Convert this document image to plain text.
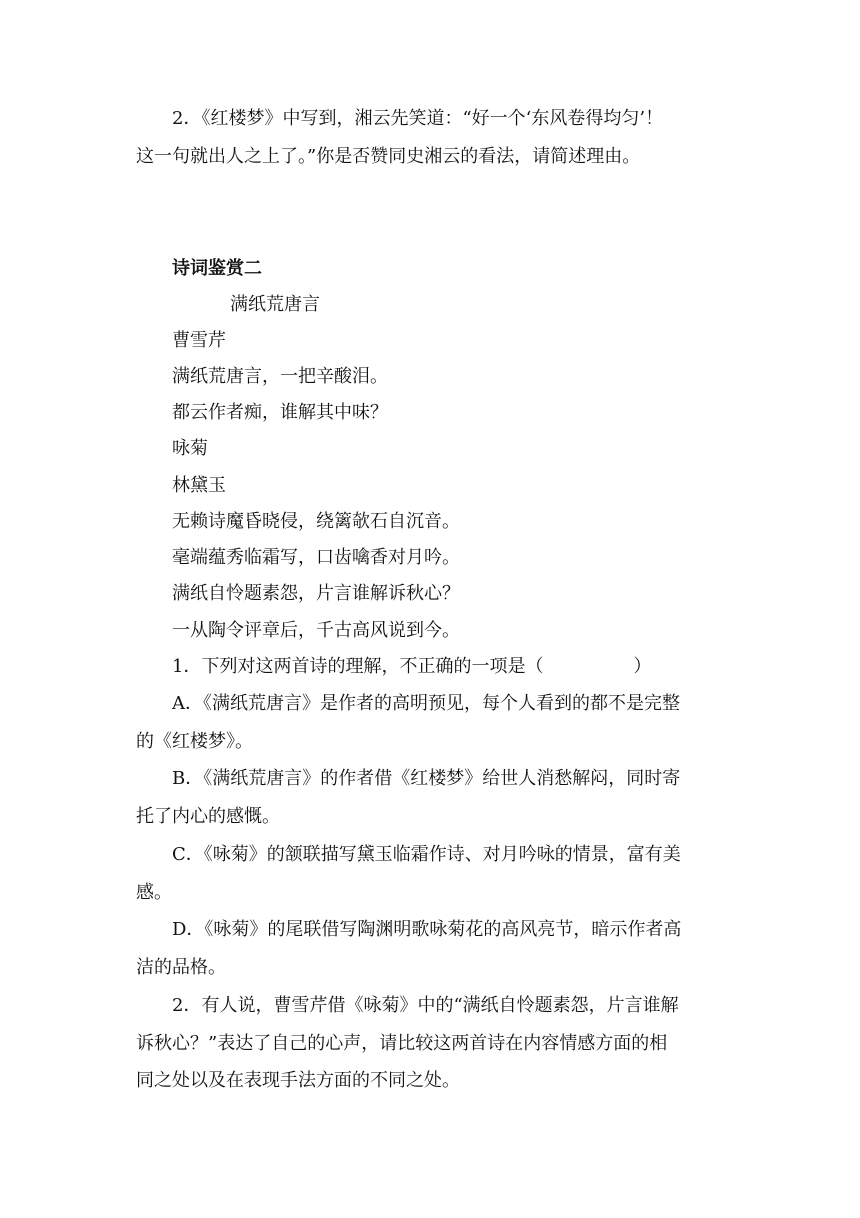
2．《红楼梦》中写到，湘云先笑道：“好一个‘东风卷得均匀’！
这一句就出人之上了。”你是否赞同史湘云的看法，请简述理由。
诗词鉴赏二
满纸荒唐言
曹雪芹
满纸荒唐言，一把辛酸泪。
都云作者痴，谁解其中味？
咏菊
林黛玉
无赖诗魔昏晓侵，绕篱欹石自沉音。
毫端蕴秀临霜写，口齿噙香对月吟。
满纸自怜题素怨，片言谁解诉秋心？
一从陶令评章后，千古高风说到今。
1．下列对这两首诗的理解，不正确的一项是（　　　　　）
A．《满纸荒唐言》是作者的高明预见，每个人看到的都不是完整
的《红楼梦》。
B．《满纸荒唐言》的作者借《红楼梦》给世人消愁解闷，同时寄
托了内心的感慨。
C．《咏菊》的颔联描写黛玉临霜作诗、对月吟咏的情景，富有美
感。
D．《咏菊》的尾联借写陶渊明歌咏菊花的高风亮节，暗示作者高
洁的品格。
2．有人说，曹雪芹借《咏菊》中的“满纸自怜题素怨，片言谁解
诉秋心？”表达了自己的心声，请比较这两首诗在内容情感方面的相
同之处以及在表现手法方面的不同之处。
